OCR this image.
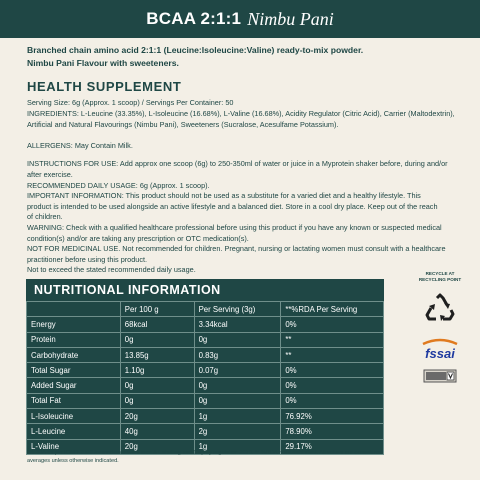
BCAA 2:1:1 Nimbu Pani
Branched chain amino acid 2:1:1 (Leucine:Isoleucine:Valine) ready-to-mix powder.
Nimbu Pani Flavour with sweeteners.
HEALTH SUPPLEMENT
Serving Size: 6g (Approx. 1 scoop) / Servings Per Container: 50
INGREDIENTS: L-Leucine (33.35%), L-Isoleucine (16.68%), L-Valine (16.68%), Acidity Regulator (Citric Acid), Carrier (Maltodextrin), Artificial and Natural Flavourings (Nimbu Pani), Sweeteners (Sucralose, Acesulfame Potassium).
ALLERGENS: May Contain Milk.
INSTRUCTIONS FOR USE: Add approx one scoop (6g) to 250-350ml of water or juice in a Myprotein shaker before, during and/or after exercise.
RECOMMENDED DAILY USAGE: 6g (Approx. 1 scoop).
IMPORTANT INFORMATION: This product should not be used as a substitute for a varied diet and a healthy lifestyle. This product is intended to be used alongside an active lifestyle and a balanced diet. Store in a cool dry place. Keep out of the reach of children.
WARNING: Check with a qualified healthcare professional before using this product if you have any known or suspected medical condition(s) and/or are taking any prescription or OTC medication(s).
NOT FOR MEDICINAL USE. Not recommended for children. Pregnant, nursing or lactating women must consult with a healthcare practitioner before using this product.
Not to exceed the stated recommended daily usage.
NUTRITIONAL INFORMATION
	Per 100 g	Per Serving (3g)	**%RDA Per Serving
Energy	68kcal	3.34kcal	0%
Protein	0g	0g	**
Carbohydrate	13.85g	0.83g	**
Total Sugar	1.10g	0.07g	0%
Added Sugar	0g	0g	0%
Total Fat	0g	0g	0%
L-Isoleucine	20g	1g	76.92%
L-Leucine	40g	2g	78.90%
L-Valine	20g	1g	29.17%
*%RDA as per ICMR 2020 for moderate work men & Labelling and Display regulation 2020. ** %RDA not established. All values are considered averages unless otherwise indicated.
RECYCLE AT
RECYCLING POINT
fssai
